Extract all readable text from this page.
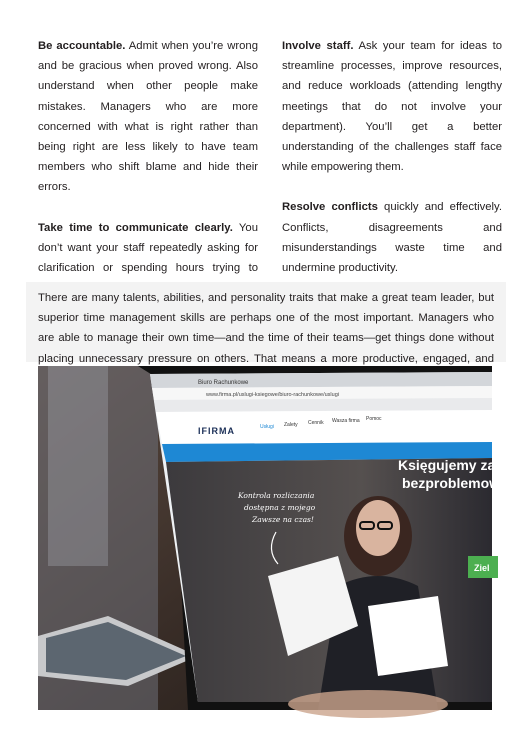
Be accountable. Admit when you’re wrong and be gracious when proved wrong. Also understand when other people make mistakes. Managers who are more concerned with what is right rather than being right are less likely to have team members who shift blame and hide their errors.

Take time to communicate clearly. You don’t want your staff repeatedly asking for clarification or spending hours trying to

Involve staff. Ask your team for ideas to streamline processes, improve resources, and reduce workloads (attending lengthy meetings that do not involve your department). You’ll get a better understanding of the challenges staff face while empowering them.

Resolve conflicts quickly and effectively. Conflicts, disagreements and misunderstandings waste time and undermine productivity.

There are many talents, abilities, and personality traits that make a great team leader, but superior time management skills are perhaps one of the most important. Managers who are able to manage their own time—and the time of their teams—get things done without placing unnecessary pressure on others. That means a more productive, engaged, and

Biuro Rachunkowe
www.firma.pl/uslugi-ksiegowe/biuro-rachunkowe/uslugi
IFIRMA	Usługi Zalety Cennik Wasza firma Pomoc
Kontrola rozliczania
dostępna z mojego
Zawsze na czas!
Księgujemy za C
bezproblemowe
Ziel
